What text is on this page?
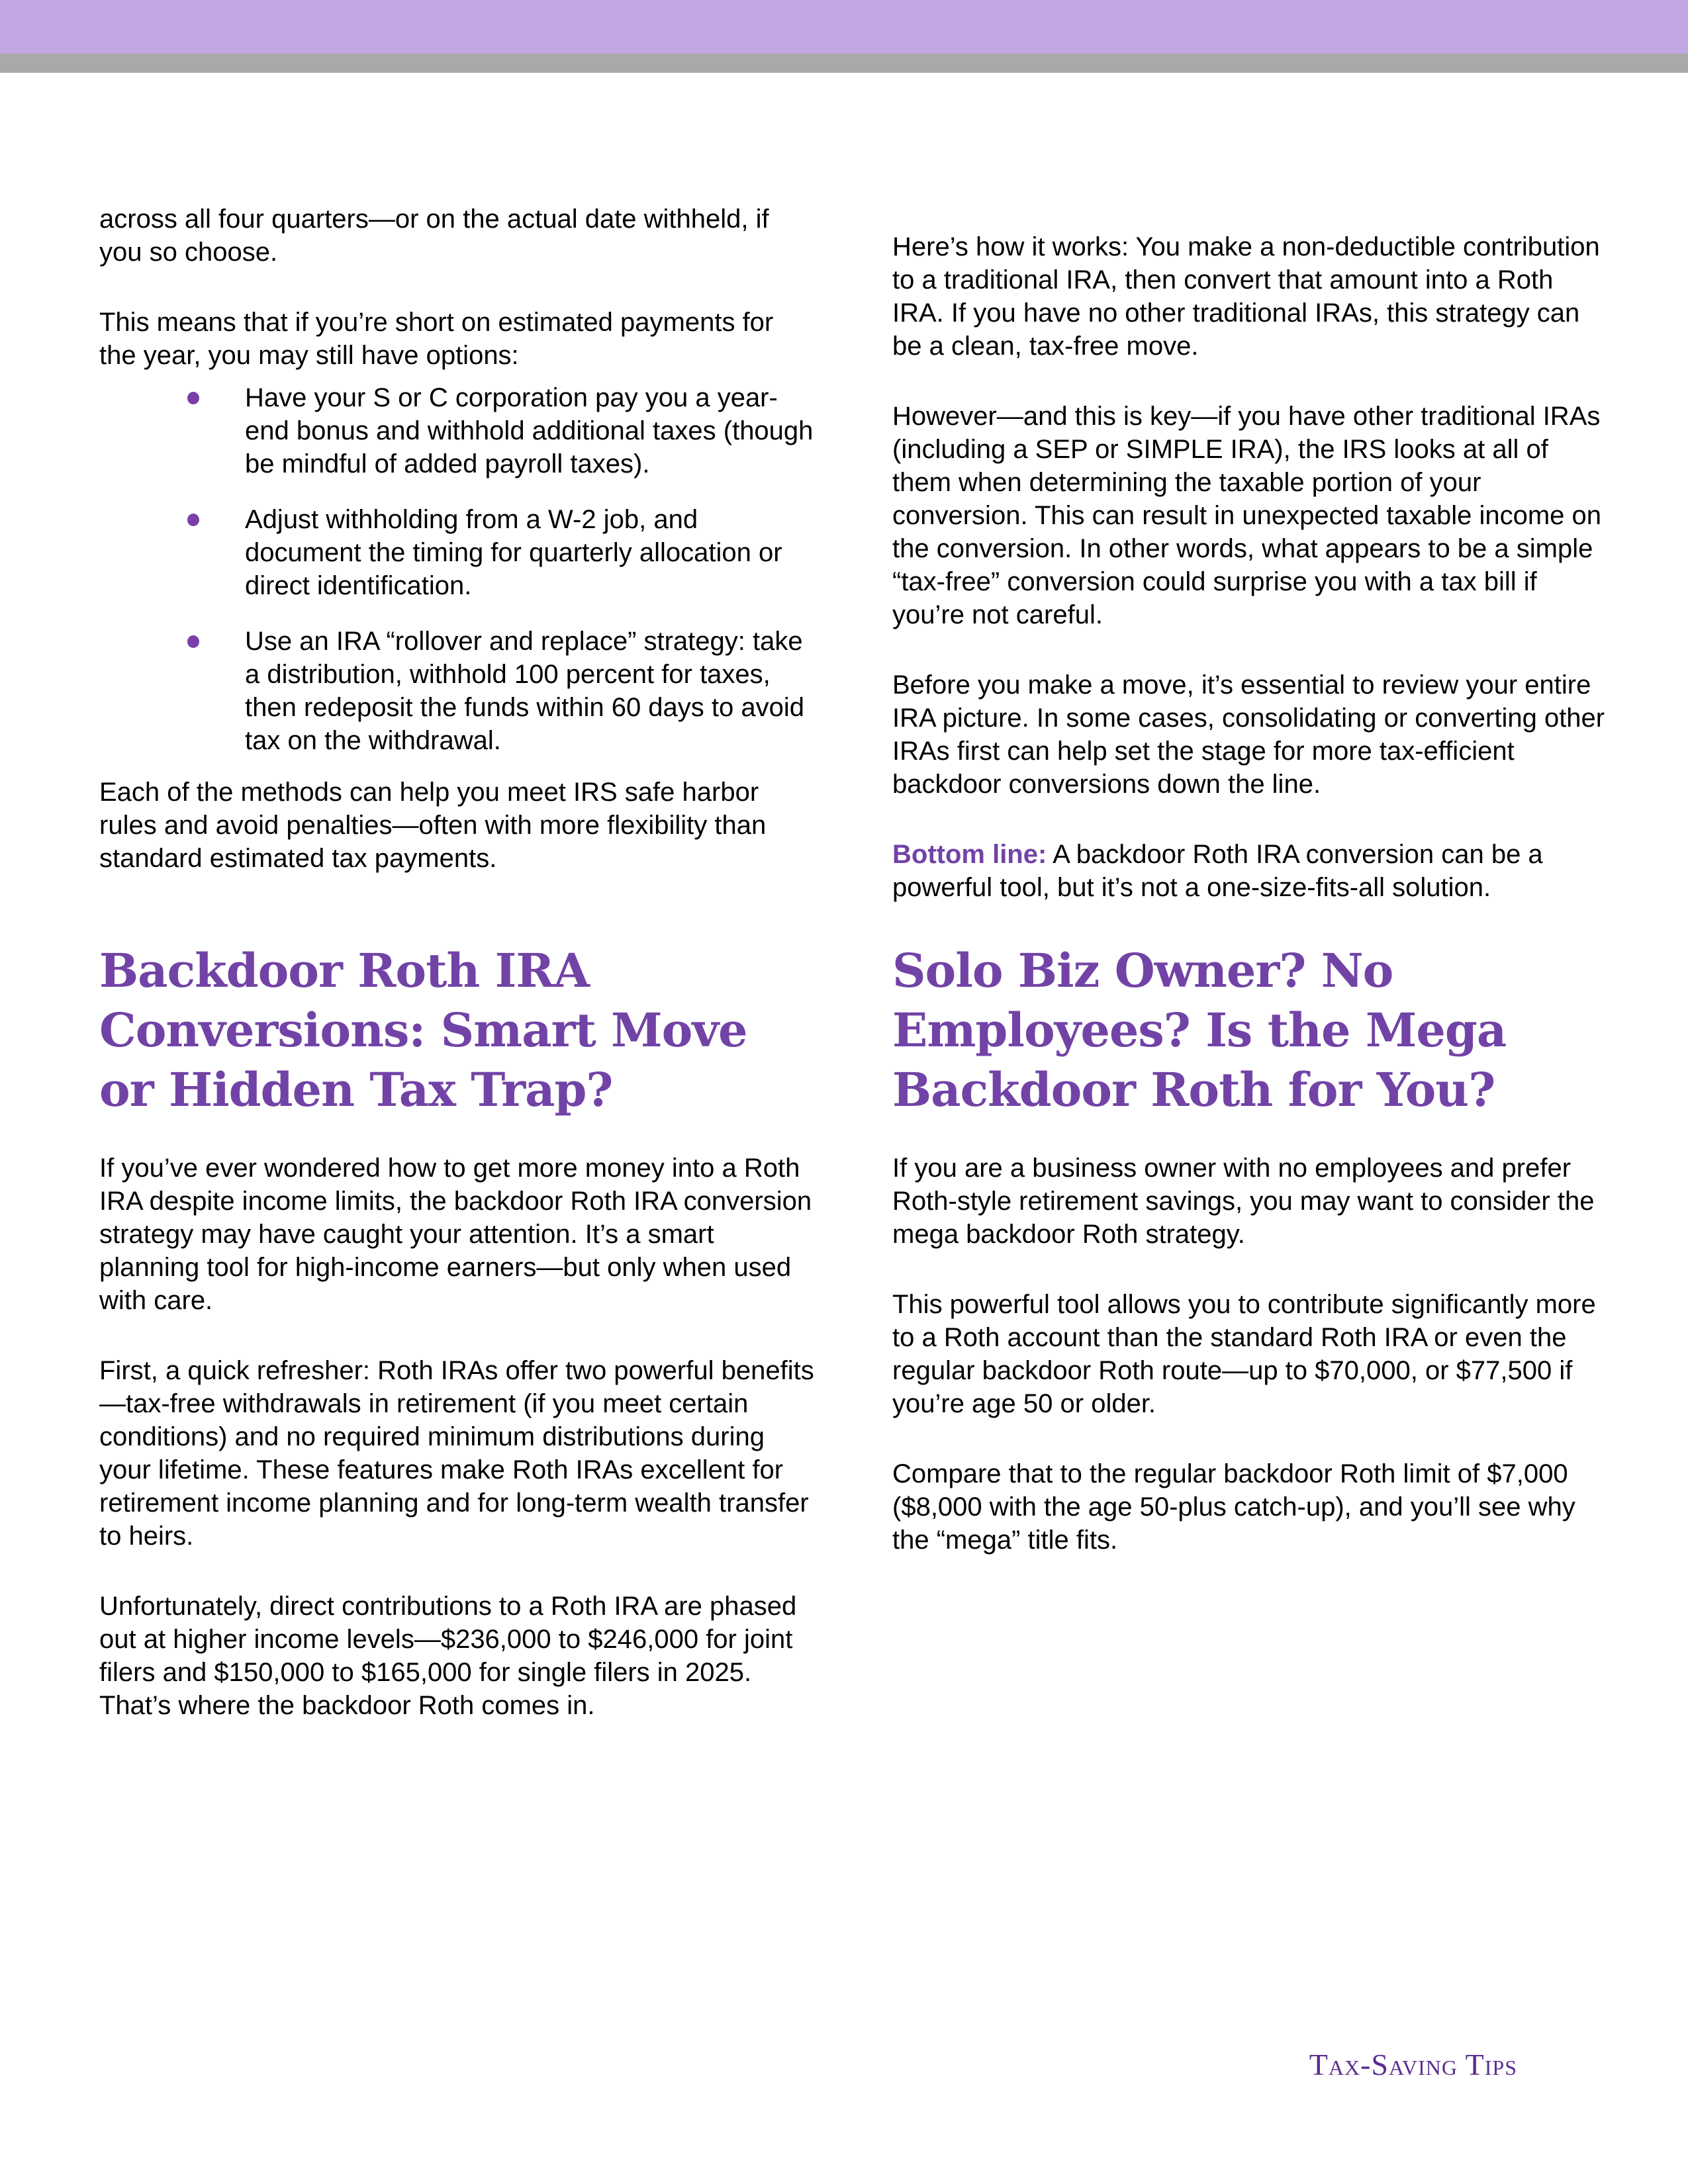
across all four quarters—or on the actual date withheld, if you so choose.

This means that if you’re short on estimated payments for the year, you may still have options:

Have your S or C corporation pay you a year-end bonus and withhold additional taxes (though be mindful of added payroll taxes).
Adjust withholding from a W-2 job, and document the timing for quarterly allocation or direct identification.
Use an IRA “rollover and replace” strategy: take a distribution, withhold 100 percent for taxes, then redeposit the funds within 60 days to avoid tax on the withdrawal.

Each of the methods can help you meet IRS safe harbor rules and avoid penalties—often with more flexibility than standard estimated tax payments.

Backdoor Roth IRA
Conversions: Smart Move
or Hidden Tax Trap?

If you’ve ever wondered how to get more money into a Roth IRA despite income limits, the backdoor Roth IRA conversion strategy may have caught your attention. It’s a smart planning tool for high-income earners—but only when used with care.

First, a quick refresher: Roth IRAs offer two powerful benefits—tax-free withdrawals in retirement (if you meet certain conditions) and no required minimum distributions during your lifetime. These features make Roth IRAs excellent for retirement income planning and for long-term wealth transfer to heirs.

Unfortunately, direct contributions to a Roth IRA are phased out at higher income levels—$236,000 to $246,000 for joint filers and $150,000 to $165,000 for single filers in 2025. That’s where the backdoor Roth comes in.

Here’s how it works: You make a non-deductible contribution to a traditional IRA, then convert that amount into a Roth IRA. If you have no other traditional IRAs, this strategy can be a clean, tax-free move.

However—and this is key—if you have other traditional IRAs (including a SEP or SIMPLE IRA), the IRS looks at all of them when determining the taxable portion of your conversion. This can result in unexpected taxable income on the conversion. In other words, what appears to be a simple “tax-free” conversion could surprise you with a tax bill if you’re not careful.

Before you make a move, it’s essential to review your entire IRA picture. In some cases, consolidating or converting other IRAs first can help set the stage for more tax-efficient backdoor conversions down the line.

Bottom line: A backdoor Roth IRA conversion can be a powerful tool, but it’s not a one-size-fits-all solution.

Solo Biz Owner? No
Employees? Is the Mega
Backdoor Roth for You?

If you are a business owner with no employees and prefer Roth-style retirement savings, you may want to consider the mega backdoor Roth strategy.

This powerful tool allows you to contribute significantly more to a Roth account than the standard Roth IRA or even the regular backdoor Roth route—up to $70,000, or $77,500 if you’re age 50 or older.

Compare that to the regular backdoor Roth limit of $7,000 ($8,000 with the age 50-plus catch-up), and you’ll see why the “mega” title fits.

Tax-Saving Tips
